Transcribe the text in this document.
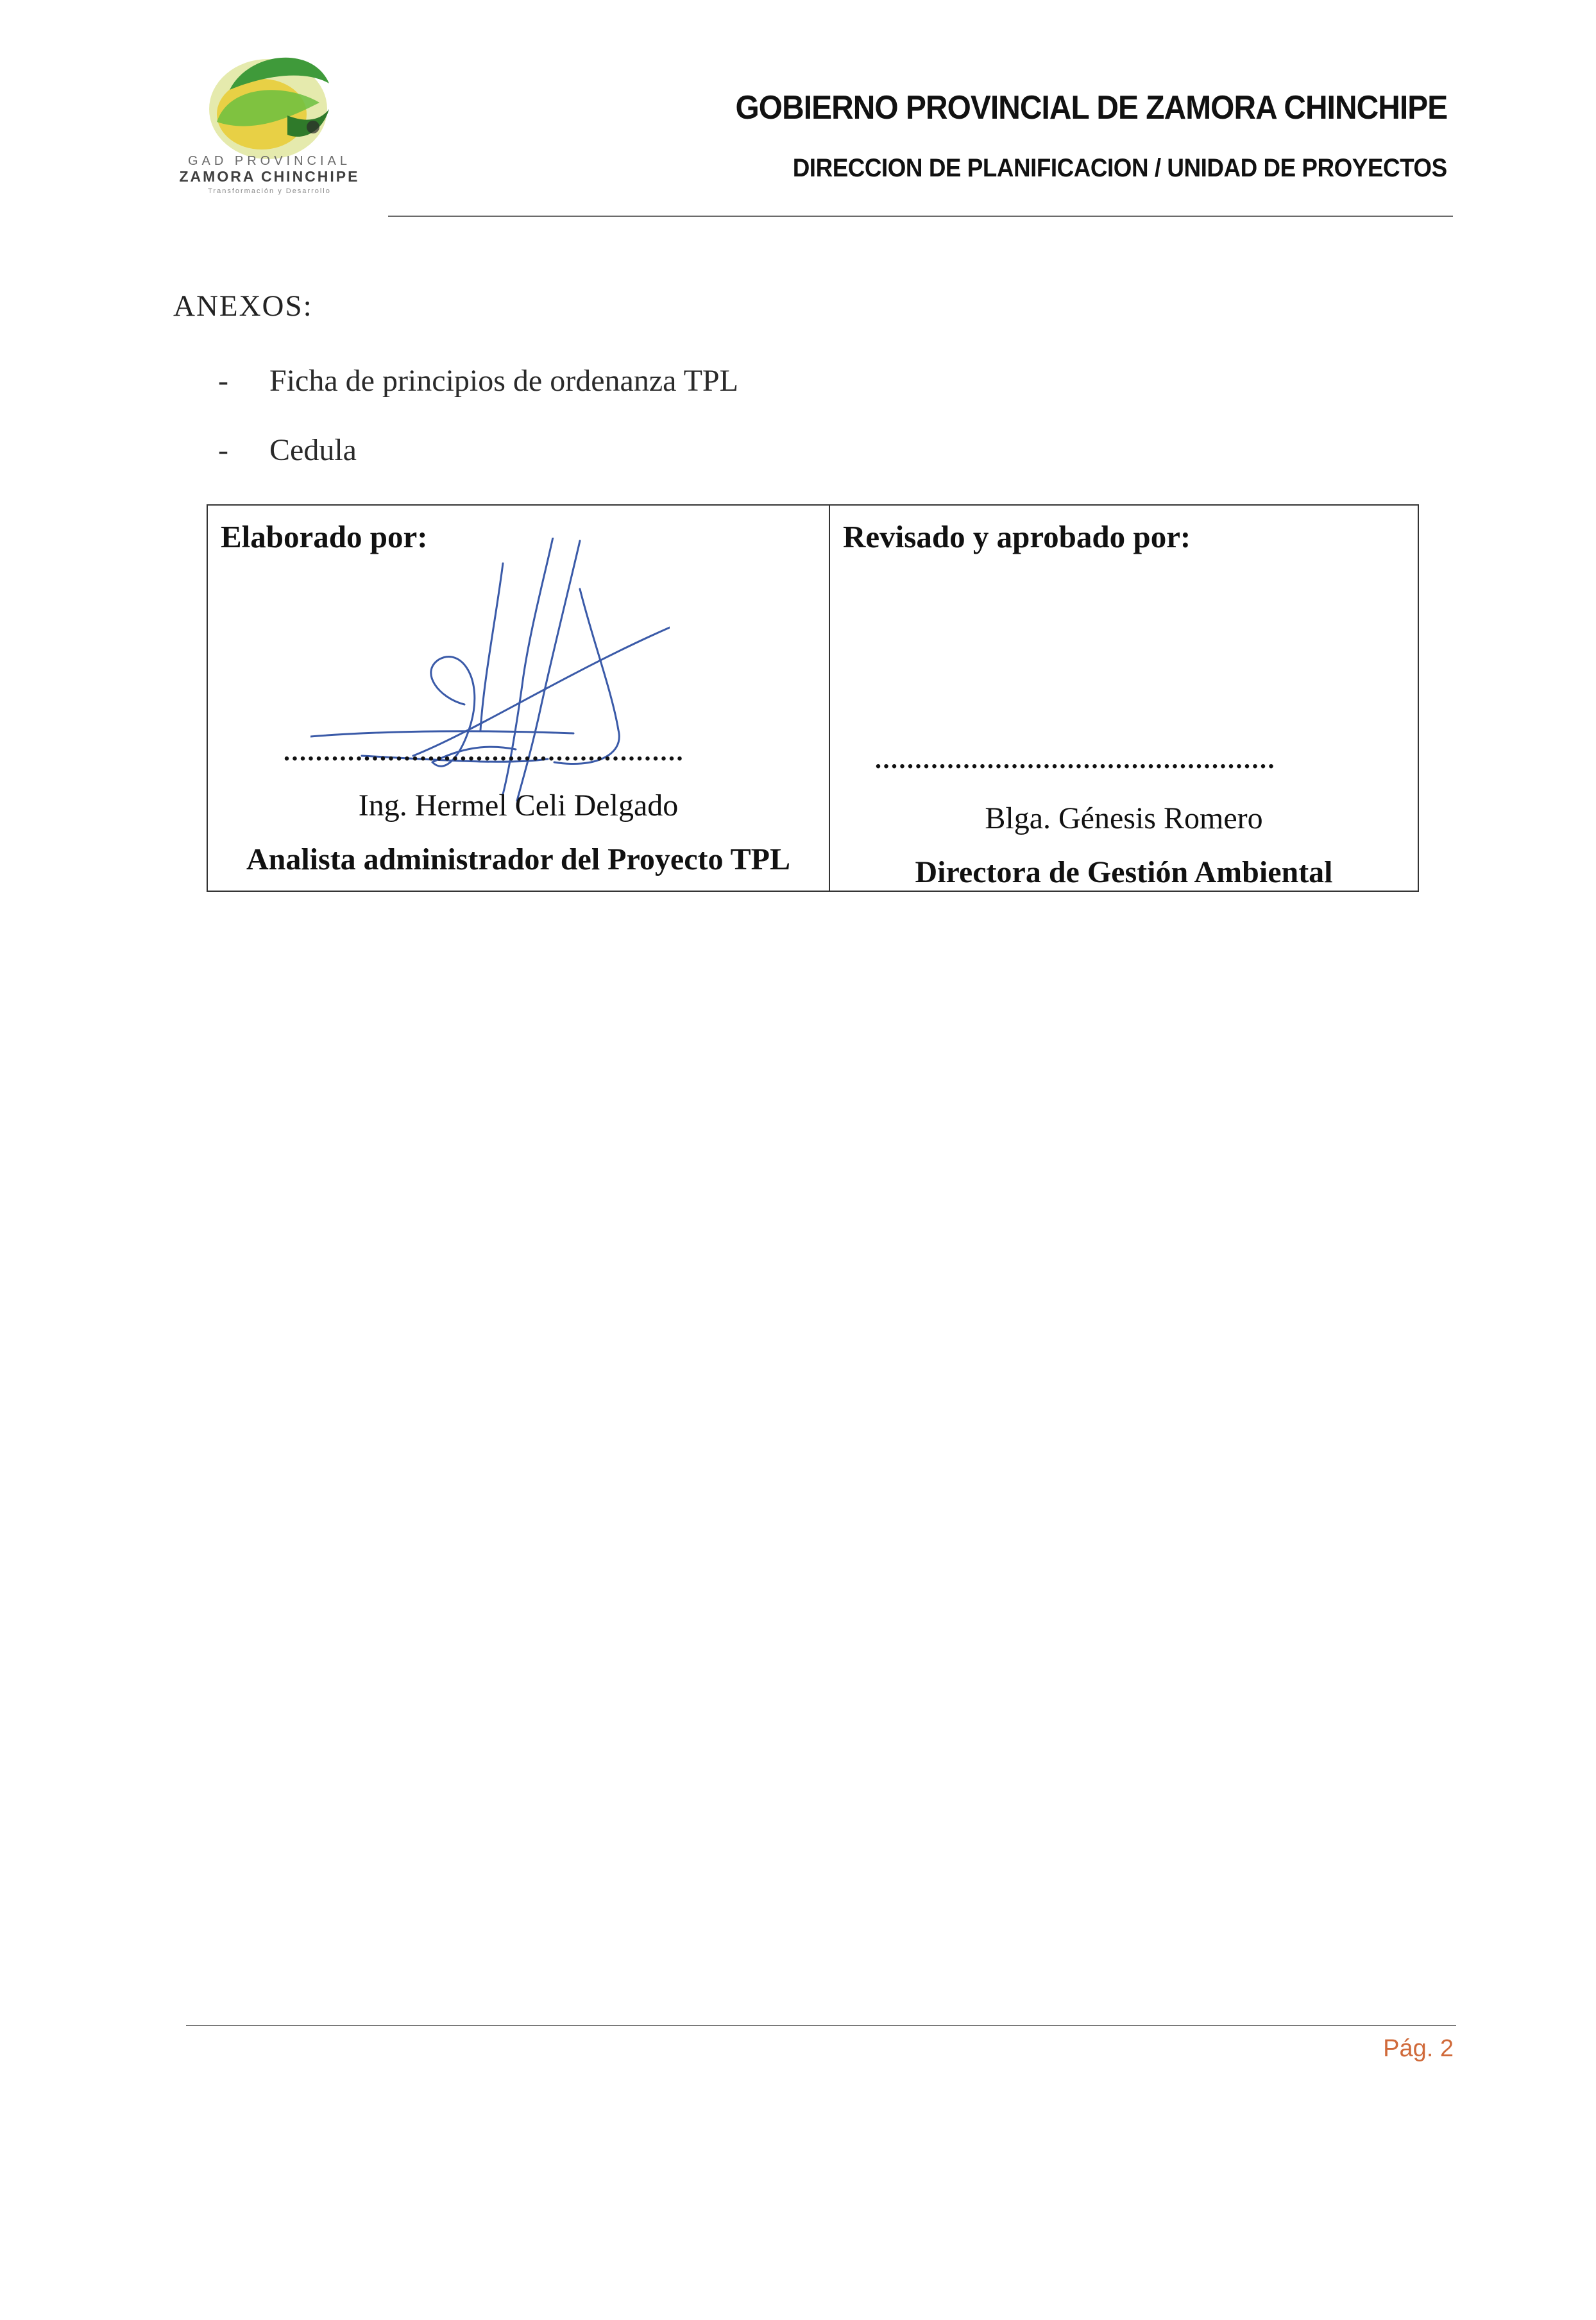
GAD PROVINCIAL
ZAMORA CHINCHIPE
Transformación y Desarrollo
GOBIERNO PROVINCIAL DE ZAMORA CHINCHIPE
DIRECCION DE PLANIFICACION / UNIDAD DE PROYECTOS
ANEXOS:
- Ficha de principios de ordenanza TPL
- Cedula
Elaborado por:
..................................................
Ing. Hermel Celi Delgado
Analista administrador del Proyecto TPL
Revisado y aprobado por:
..................................................
Blga. Génesis Romero
Directora de Gestión Ambiental
Pág. 2
